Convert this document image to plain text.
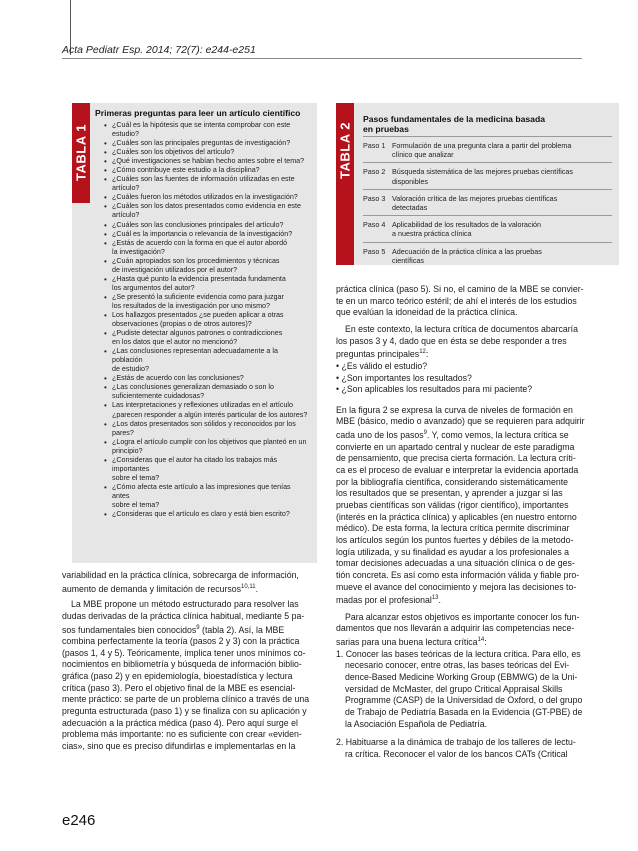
Acta Pediatr Esp. 2014; 72(7): e244-e251
TABLA 1
Primeras preguntas para leer un artículo científico
• ¿Cuál es la hipótesis que se intenta comprobar con este
estudio?
• ¿Cuáles son las principales preguntas de investigación?
• ¿Cuáles son los objetivos del artículo?
• ¿Qué investigaciones se habían hecho antes sobre el tema?
• ¿Cómo contribuye este estudio a la disciplina?
• ¿Cuáles son las fuentes de información utilizadas en este
artículo?
• ¿Cuáles fueron los métodos utilizados en la investigación?
• ¿Cuáles son los datos presentados como evidencia en este
artículo?
• ¿Cuáles son las conclusiones principales del artículo?
• ¿Cuál es la importancia o relevancia de la investigación?
• ¿Estás de acuerdo con la forma en que el autor abordó
la investigación?
• ¿Cuán apropiados son los procedimientos y técnicas
de investigación utilizados por el autor?
• ¿Hasta qué punto la evidencia presentada fundamenta
los argumentos del autor?
• ¿Se presentó la suficiente evidencia como para juzgar
los resultados de la investigación por uno mismo?
• Los hallazgos presentados ¿se pueden aplicar a otras
observaciones (propias o de otros autores)?
• ¿Pudiste detectar algunos patrones o contradicciones
en los datos que el autor no mencionó?
• ¿Las conclusiones representan adecuadamente a la población
de estudio?
• ¿Estás de acuerdo con las conclusiones?
• ¿Las conclusiones generalizan demasiado o son lo
suficientemente cuidadosas?
• Las interpretaciones y reflexiones utilizadas en el artículo
¿parecen responder a algún interés particular de los autores?
• ¿Los datos presentados son sólidos y reconocidos por los pares?
• ¿Logra el artículo cumplir con los objetivos que planteó en un
principio?
• ¿Consideras que el autor ha citado los trabajos más importantes
sobre el tema?
• ¿Cómo afecta este artículo a las impresiones que tenías antes
sobre el tema?
• ¿Consideras que el artículo es claro y está bien escrito?
TABLA 2
Pasos fundamentales de la medicina basada
en pruebas
Paso 1 Formulación de una pregunta clara a partir del problema
clínico que analizar
Paso 2 Búsqueda sistemática de las mejores pruebas científicas
disponibles
Paso 3 Valoración crítica de las mejores pruebas científicas
detectadas
Paso 4 Aplicabilidad de los resultados de la valoración
a nuestra práctica clínica
Paso 5 Adecuación de la práctica clínica a las pruebas
científicas

variabilidad en la práctica clínica, sobrecarga de información,
aumento de demanda y limitación de recursos$^{10,11}$.

La MBE propone un método estructurado para resolver las
dudas derivadas de la práctica clínica habitual, mediante 5 pa-
sos fundamentales bien conocidos$^9$ (tabla 2). Así, la MBE
combina perfectamente la teoría (pasos 2 y 3) con la práctica
(pasos 1, 4 y 5). Teóricamente, implica tener unos mínimos co-
nocimientos en bibliometría y búsqueda de información biblio-
gráfica (paso 2) y en epidemiología, bioestadística y lectura
crítica (paso 3). Pero el objetivo final de la MBE es esencial-
mente práctico: se parte de un problema clínico a través de una
pregunta estructurada (paso 1) y se finaliza con su aplicación y
adecuación a la práctica médica (paso 4). Pero aquí surge el
problema más importante: no es suficiente con crear «eviden-
cias», sino que es preciso difundirlas e implementarlas en la

práctica clínica (paso 5). Si no, el camino de la MBE se convier-
te en un marco teórico estéril; de ahí el interés de los estudios
que evalúan la idoneidad de la práctica clínica.

En este contexto, la lectura crítica de documentos abarcaría
los pasos 3 y 4, dado que en ésta se debe responder a tres
preguntas principales$^{12}$:

• ¿Es válido el estudio?
• ¿Son importantes los resultados?
• ¿Son aplicables los resultados para mi paciente?

En la figura 2 se expresa la curva de niveles de formación en
MBE (básico, medio o avanzado) que se requieren para adquirir
cada uno de los pasos$^9$. Y, como vemos, la lectura crítica se
convierte en un apartado central y nuclear de este paradigma
de pensamiento, que precisa cierta formación. La lectura críti-
ca es el proceso de evaluar e interpretar la evidencia aportada
por la bibliografía científica, considerando sistemáticamente
los resultados que se presentan, y aprender a juzgar si las
pruebas científicas son válidas (rigor científico), importantes
(interés en la práctica clínica) y aplicables (en nuestro entorno
médico). De esta forma, la lectura crítica permite discriminar
los artículos según los puntos fuertes y débiles de la metodo-
logía utilizada, y su finalidad es ayudar a los profesionales a
tomar decisiones adecuadas a una situación clínica o de ges-
tión concreta. Es así como esta información válida y fiable pro-
mueve el avance del conocimiento y mejora las decisiones to-
madas por el profesional$^{13}$.

Para alcanzar estos objetivos es importante conocer los fun-
damentos que nos llevarán a adquirir las competencias nece-
sarias para una buena lectura crítica$^{14}$:

1. Conocer las bases teóricas de la lectura crítica. Para ello, es
necesario conocer, entre otras, las bases teóricas del Evi-
dence-Based Medicine Working Group (EBMWG) de la Uni-
versidad de McMaster, del grupo Critical Appraisal Skills
Programme (CASP) de la Universidad de Oxford, o del grupo
de Trabajo de Pediatría Basada en la Evidencia (GT-PBE) de
la Asociación Española de Pediatría.
2. Habituarse a la dinámica de trabajo de los talleres de lectu-
ra crítica. Reconocer el valor de los bancos CATs (Critical
e246
